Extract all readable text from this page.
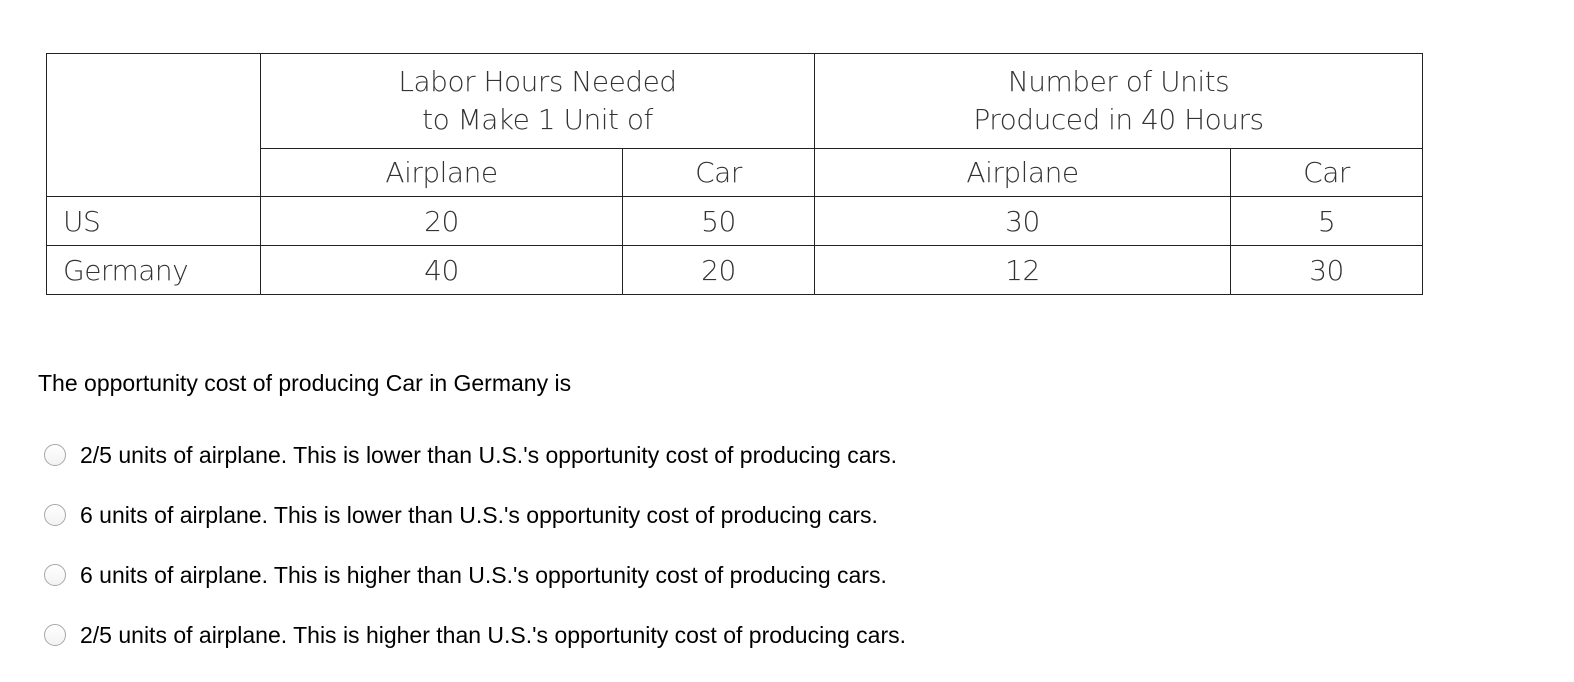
	Labor Hours Needed
to Make 1 Unit of		Number of Units
Produced in 40 Hours	
	Airplane	Car	Airplane	Car
US	20	50	30	5
Germany	40	20	12	30
The opportunity cost of producing Car in Germany is
2/5 units of airplane. This is lower than U.S.'s opportunity cost of producing cars.
6 units of airplane. This is lower than U.S.'s opportunity cost of producing cars.
6 units of airplane. This is higher than U.S.'s opportunity cost of producing cars.
2/5 units of airplane. This is higher than U.S.'s opportunity cost of producing cars.
